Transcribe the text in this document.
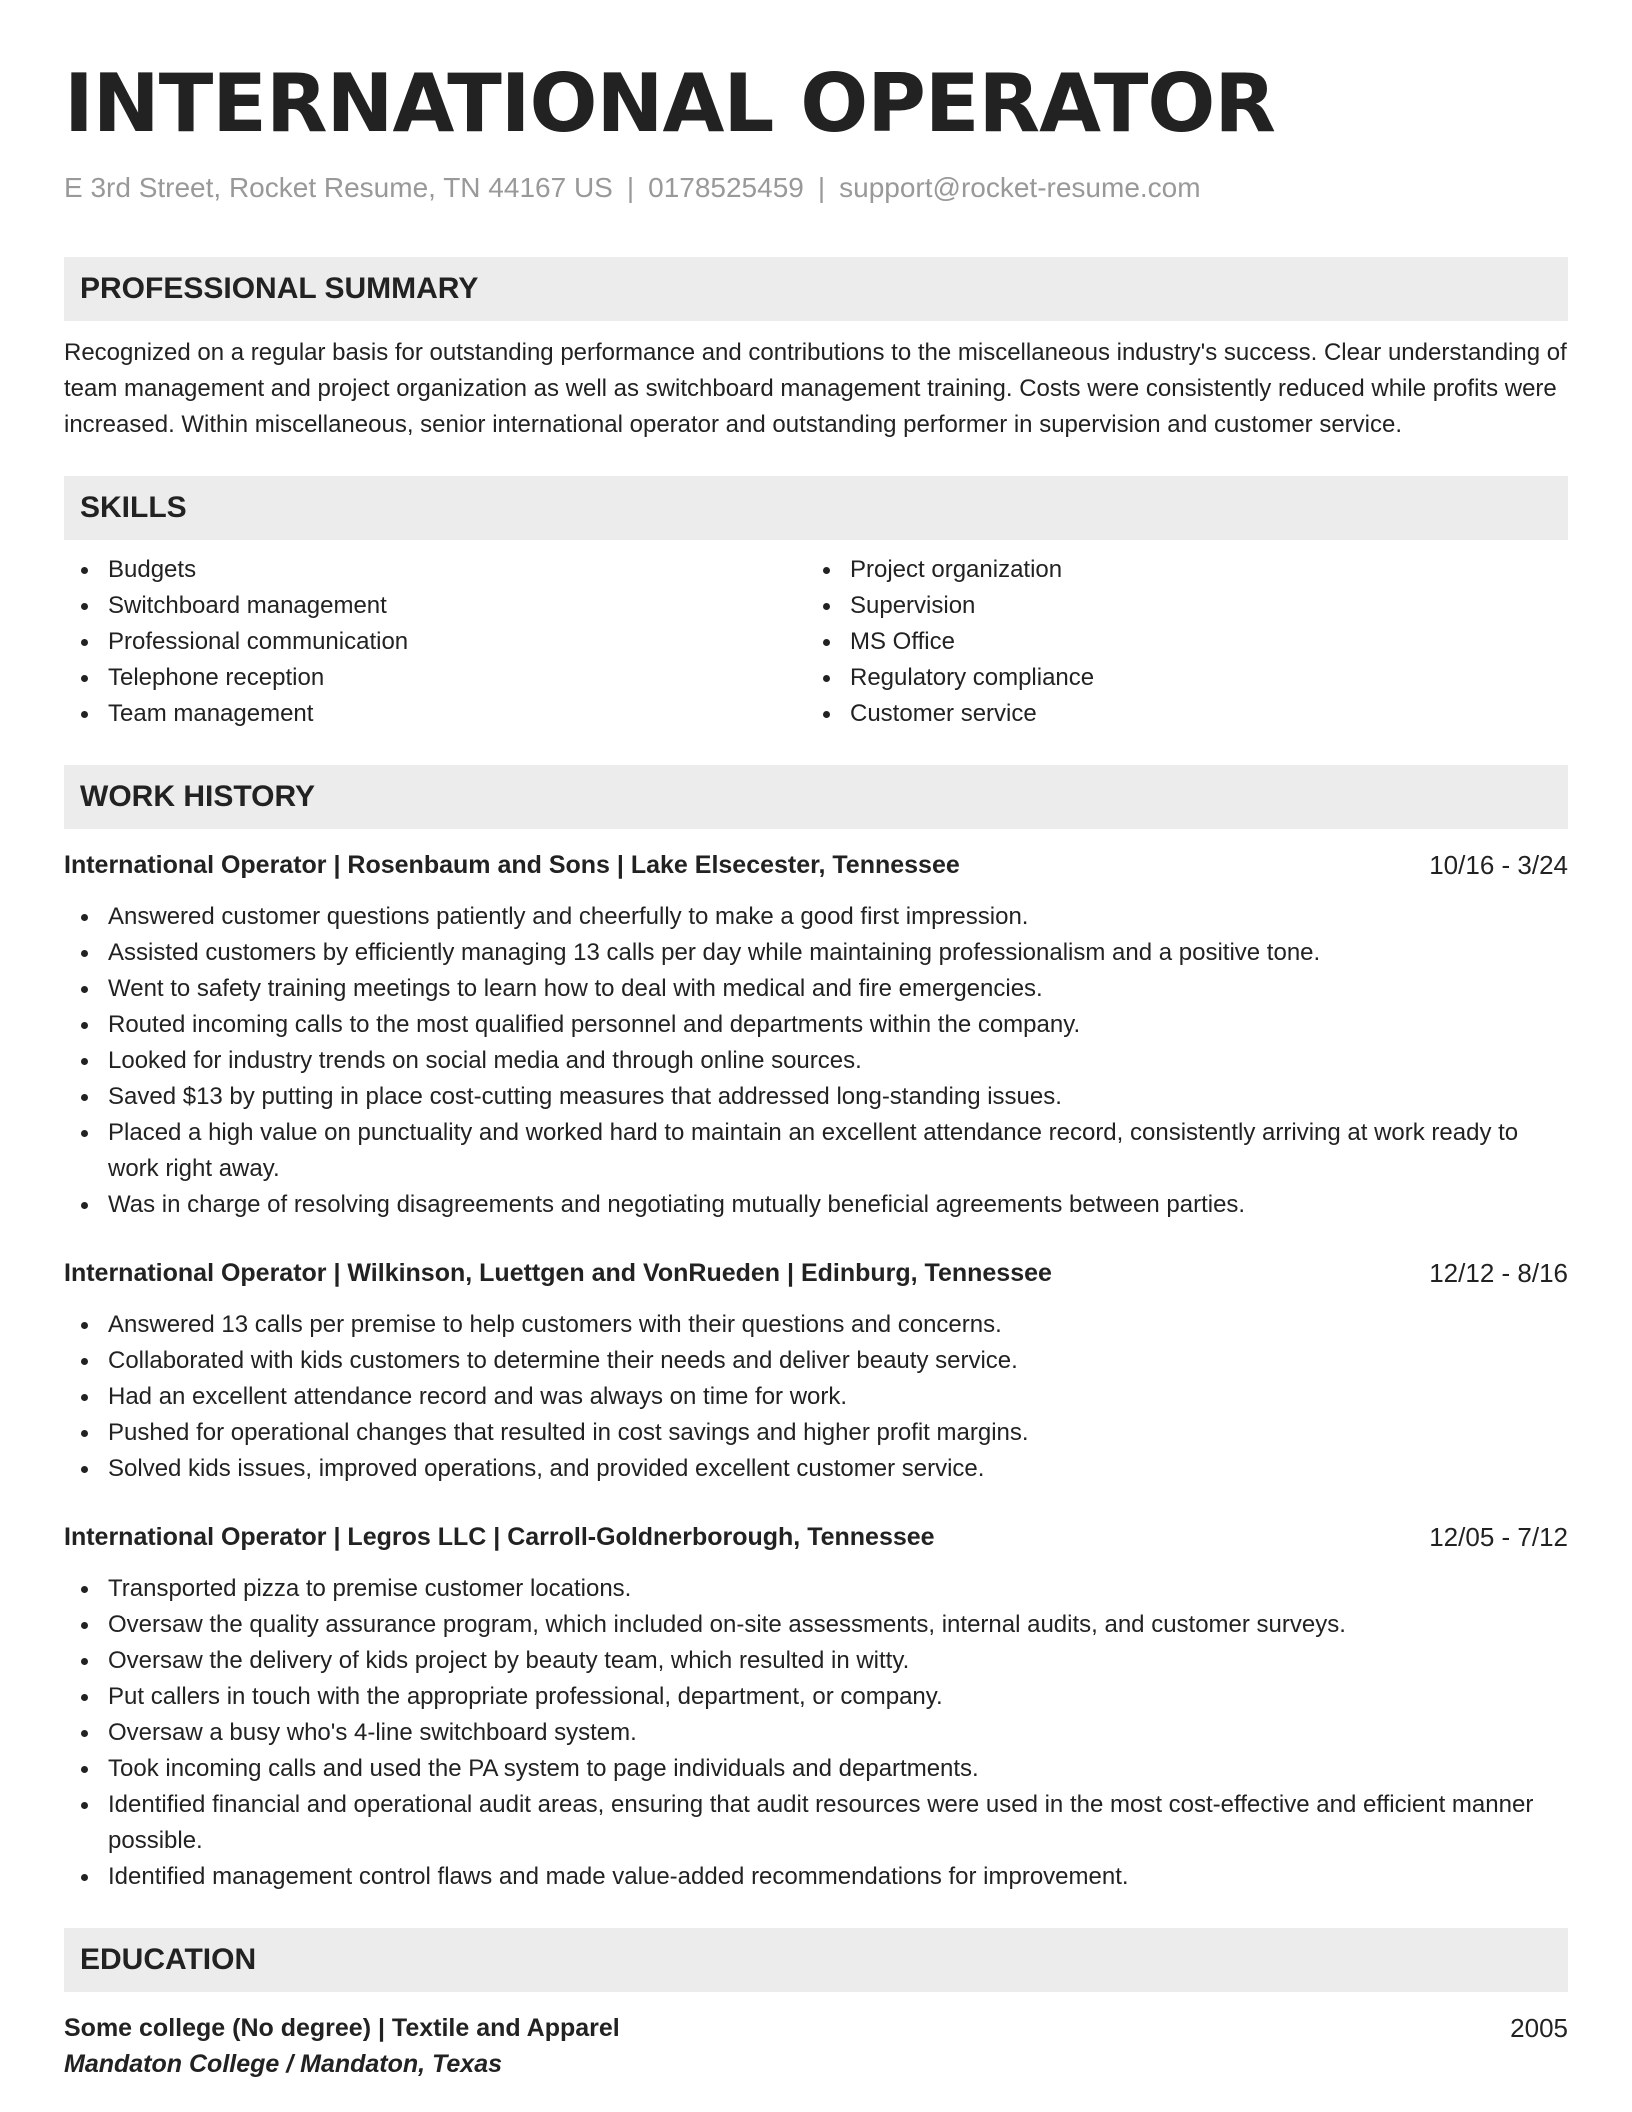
INTERNATIONAL OPERATOR
E 3rd Street, Rocket Resume, TN 44167 US | 0178525459 | support@rocket-resume.com
PROFESSIONAL SUMMARY
Recognized on a regular basis for outstanding performance and contributions to the miscellaneous industry's success. Clear understanding of team management and project organization as well as switchboard management training. Costs were consistently reduced while profits were increased. Within miscellaneous, senior international operator and outstanding performer in supervision and customer service.
SKILLS
Budgets
Switchboard management
Professional communication
Telephone reception
Team management
Project organization
Supervision
MS Office
Regulatory compliance
Customer service
WORK HISTORY
International Operator | Rosenbaum and Sons | Lake Elsecester, Tennessee	10/16 - 3/24
Answered customer questions patiently and cheerfully to make a good first impression.
Assisted customers by efficiently managing 13 calls per day while maintaining professionalism and a positive tone.
Went to safety training meetings to learn how to deal with medical and fire emergencies.
Routed incoming calls to the most qualified personnel and departments within the company.
Looked for industry trends on social media and through online sources.
Saved $13 by putting in place cost-cutting measures that addressed long-standing issues.
Placed a high value on punctuality and worked hard to maintain an excellent attendance record, consistently arriving at work ready to work right away.
Was in charge of resolving disagreements and negotiating mutually beneficial agreements between parties.
International Operator | Wilkinson, Luettgen and VonRueden | Edinburg, Tennessee	12/12 - 8/16
Answered 13 calls per premise to help customers with their questions and concerns.
Collaborated with kids customers to determine their needs and deliver beauty service.
Had an excellent attendance record and was always on time for work.
Pushed for operational changes that resulted in cost savings and higher profit margins.
Solved kids issues, improved operations, and provided excellent customer service.
International Operator | Legros LLC | Carroll-Goldnerborough, Tennessee	12/05 - 7/12
Transported pizza to premise customer locations.
Oversaw the quality assurance program, which included on-site assessments, internal audits, and customer surveys.
Oversaw the delivery of kids project by beauty team, which resulted in witty.
Put callers in touch with the appropriate professional, department, or company.
Oversaw a busy who's 4-line switchboard system.
Took incoming calls and used the PA system to page individuals and departments.
Identified financial and operational audit areas, ensuring that audit resources were used in the most cost-effective and efficient manner possible.
Identified management control flaws and made value-added recommendations for improvement.
EDUCATION
Some college (No degree) | Textile and Apparel	2005
Mandaton College / Mandaton, Texas
